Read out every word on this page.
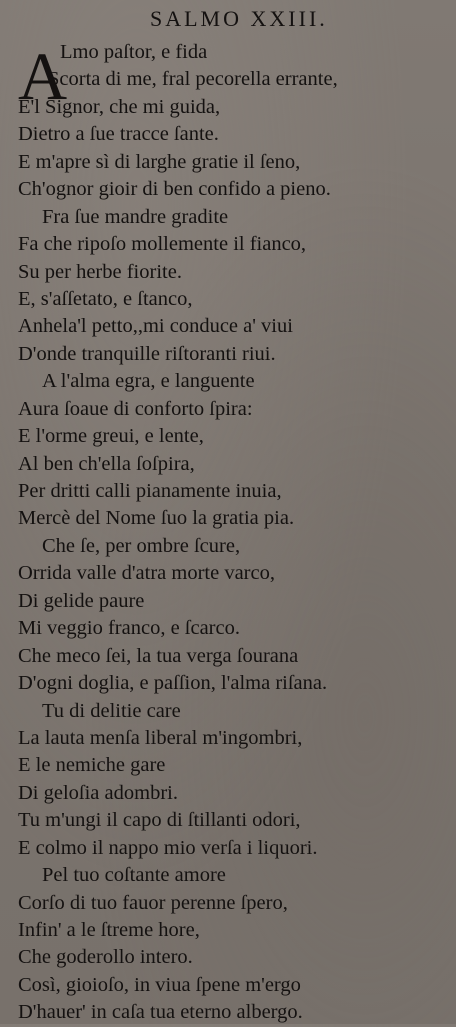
SALMO XXIII.
A
Lmo paſtor, e fida
Scorta di me, fral pecorella errante,
E'l Signor, che mi guida,
Dietro a ſue tracce ſante.
E m'apre sì di larghe gratie il ſeno,
Ch'ognor gioir di ben confido a pieno.
Fra ſue mandre gradite
Fa che ripoſo mollemente il fianco,
Su per herbe fiorite.
E, s'aſſetato, e ſtanco,
Anhela'l petto,,mi conduce a' viui
D'onde tranquille riſtoranti riui.
A l'alma egra, e languente
Aura ſoaue di conforto ſpira:
E l'orme greui, e lente,
Al ben ch'ella ſoſpira,
Per dritti calli pianamente inuia,
Mercè del Nome ſuo la gratia pia.
Che ſe, per ombre ſcure,
Orrida valle d'atra morte varco,
Di gelide paure
Mi veggio franco, e ſcarco.
Che meco ſei, la tua verga ſourana
D'ogni doglia, e paſſion, l'alma riſana.
Tu di delitie care
La lauta menſa liberal m'ingombri,
E le nemiche gare
Di geloſia adombri.
Tu m'ungi il capo di ſtillanti odori,
E colmo il nappo mio verſa i liquori.
Pel tuo coſtante amore
Corſo di tuo fauor perenne ſpero,
Infin' a le ſtreme hore,
Che goderollo intero.
Così, gioioſo, in viua ſpene m'ergo
D'hauer' in caſa tua eterno albergo.
